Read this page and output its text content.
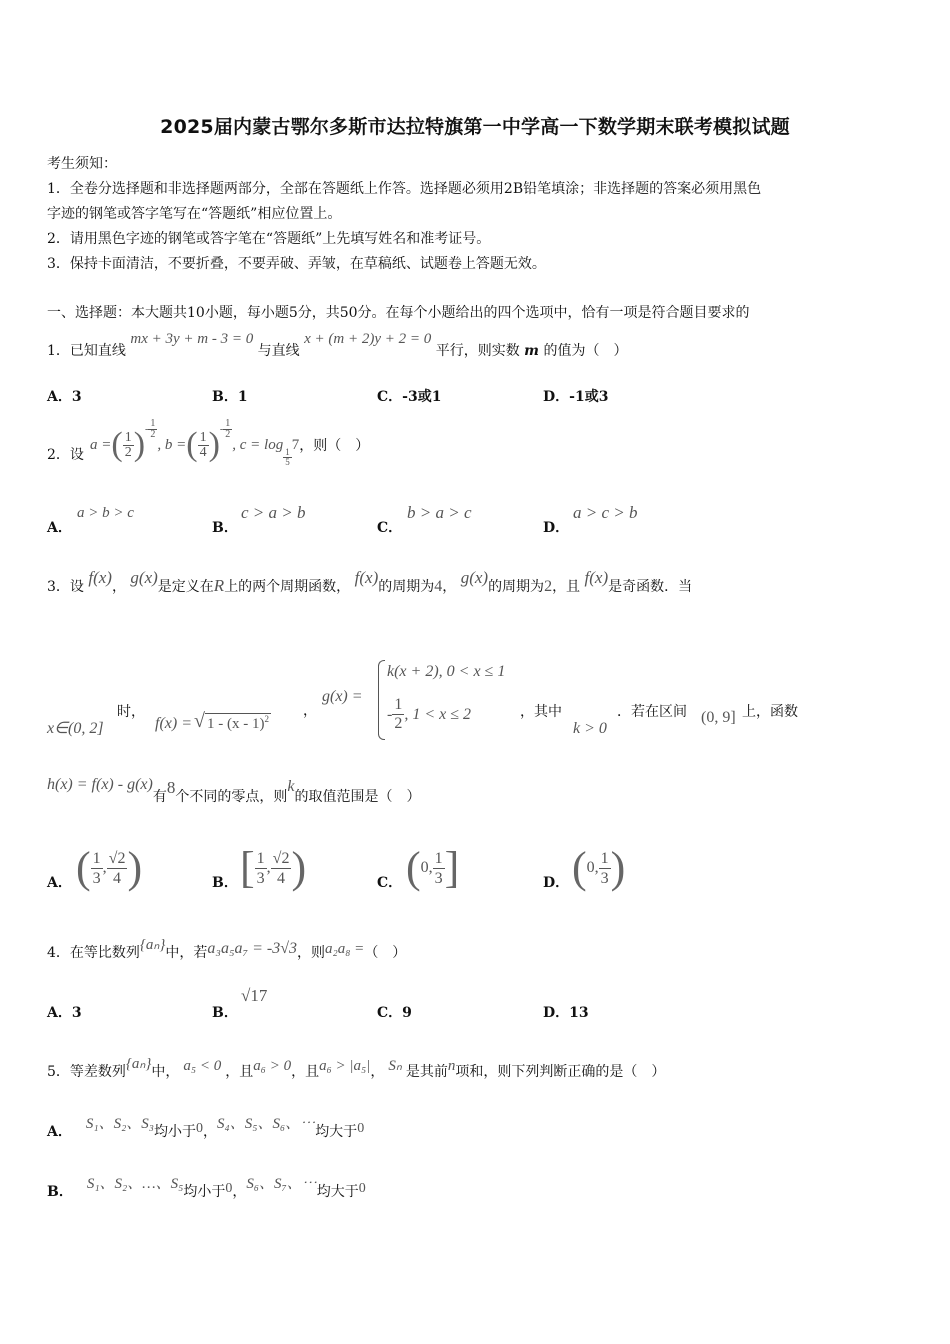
2025届内蒙古鄂尔多斯市达拉特旗第一中学高一下数学期末联考模拟试题
考生须知：
1．全卷分选择题和非选择题两部分，全部在答题纸上作答。选择题必须用2B铅笔填涂；非选择题的答案必须用黑色
字迹的钢笔或答字笔写在“答题纸”相应位置上。
2．请用黑色字迹的钢笔或答字笔在“答题纸”上先填写姓名和准考证号。
3．保持卡面清洁，不要折叠，不要弄破、弄皱，在草稿纸、试题卷上答题无效。
一、选择题：本大题共10小题，每小题5分，共50分。在每个小题给出的四个选项中，恰有一项是符合题目要求的
1．已知直线 mx + 3y + m - 3 = 0 与直线 x + (m + 2)y + 2 = 0 平行，则实数 m 的值为（　）
A．3	B．1	C．-3或1	D．-1或3
2．设
a = ( $\frac{1}{2}$ ) - $\frac{1}{2}$
, b = ( $\frac{1}{4}$ ) - $\frac{1}{2}$
, c = log
$\frac{1}{5}$
7 ，则（　）
A．
a > b > c
B．
c > a > b
C．
b > a > c
D．
a > c > b
3．设 f(x)， g(x)是定义在R上的两个周期函数， f(x)的周期为4， g(x)的周期为2，且 f(x)是奇函数．当
x∈(0, 2]
时，
f(x) = √ 1 - (x - 1)$^2$ ，
g(x) =
k(x + 2), 0 < x ≤ 1
- $\frac{1}{2}$ , 1 < x ≤ 2	，其中
k > 0
．若在区间 (0, 9] 上，函数
h(x) = f(x) - g(x)
有 8 个不同的零点，则
k
的取值范围是（　）
A． ( $\frac{1}{3}$ , $\frac{√2}{4}$ )	B． [ $\frac{1}{3}$ , $\frac{√2}{4}$ )	C． ( 0, $\frac{1}{3}$ ]	D． ( 0, $\frac{1}{3}$ )
4．在等比数列 {aₙ} 中，若 a₃a₅a₇ = -3√3 ，则 a₂a₈ = （　）
A．3	B．
√17
C．9	D．13
5．等差数列 {aₙ} 中， a₅ < 0 ，且 a₆ > 0 ，且 a₆ > |a₅| ， Sₙ 是其前 n 项和，则下列判断正确的是（　）
A． S₁、S₂、S₃ 均小于 0 ， S₄、S₅、S₆、⋯ 均大于 0
B． S₁、S₂、…、S₅ 均小于 0 ， S₆、S₇、⋯ 均大于 0
